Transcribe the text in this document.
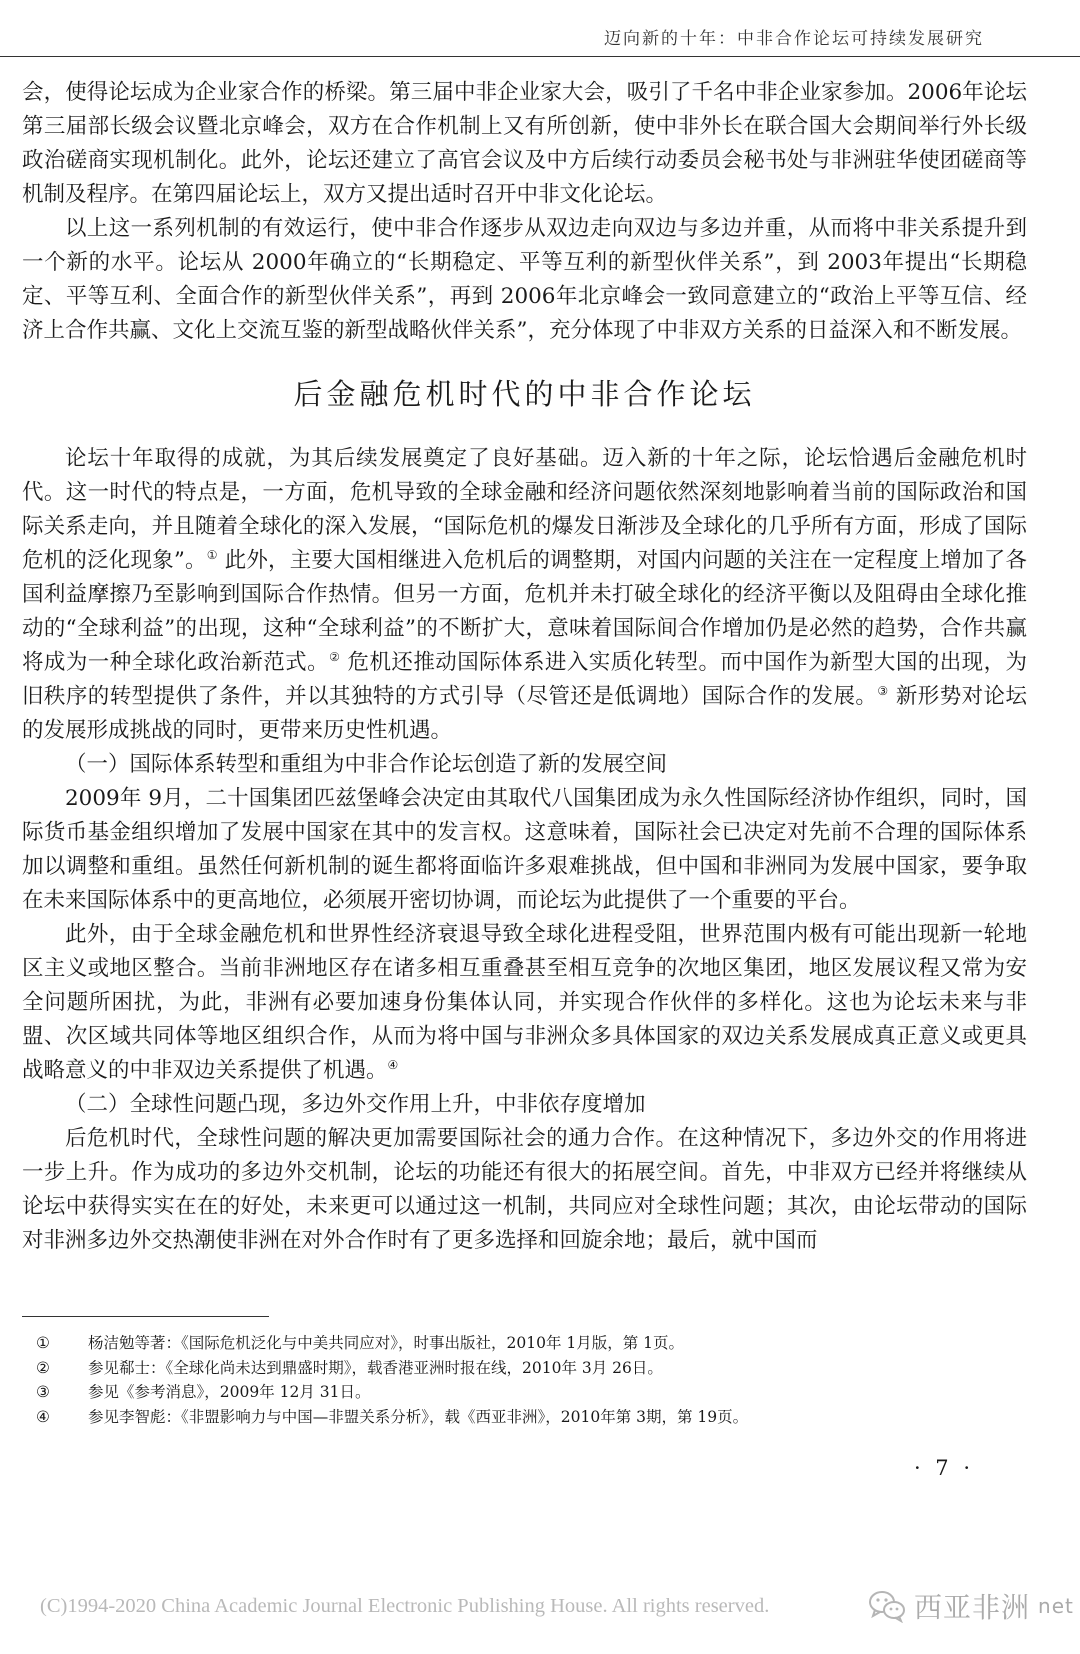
迈向新的十年：中非合作论坛可持续发展研究

会，使得论坛成为企业家合作的桥梁。第三届中非企业家大会，吸引了千名中非企业家参加。2006年论坛第三届部长级会议暨北京峰会，双方在合作机制上又有所创新，使中非外长在联合国大会期间举行外长级政治磋商实现机制化。此外，论坛还建立了高官会议及中方后续行动委员会秘书处与非洲驻华使团磋商等机制及程序。在第四届论坛上，双方又提出适时召开中非文化论坛。

以上这一系列机制的有效运行，使中非合作逐步从双边走向双边与多边并重，从而将中非关系提升到一个新的水平。论坛从 2000年确立的“长期稳定、平等互利的新型伙伴关系”，到 2003年提出“长期稳定、平等互利、全面合作的新型伙伴关系”，再到 2006年北京峰会一致同意建立的“政治上平等互信、经济上合作共赢、文化上交流互鉴的新型战略伙伴关系”，充分体现了中非双方关系的日益深入和不断发展。

后金融危机时代的中非合作论坛

论坛十年取得的成就，为其后续发展奠定了良好基础。迈入新的十年之际，论坛恰遇后金融危机时代。这一时代的特点是，一方面，危机导致的全球金融和经济问题依然深刻地影响着当前的国际政治和国际关系走向，并且随着全球化的深入发展，“国际危机的爆发日渐涉及全球化的几乎所有方面，形成了国际危机的泛化现象”。① 此外，主要大国相继进入危机后的调整期，对国内问题的关注在一定程度上增加了各国利益摩擦乃至影响到国际合作热情。但另一方面，危机并未打破全球化的经济平衡以及阻碍由全球化推动的“全球利益”的出现，这种“全球利益”的不断扩大，意味着国际间合作增加仍是必然的趋势，合作共赢将成为一种全球化政治新范式。② 危机还推动国际体系进入实质化转型。而中国作为新型大国的出现，为旧秩序的转型提供了条件，并以其独特的方式引导（尽管还是低调地）国际合作的发展。③ 新形势对论坛的发展形成挑战的同时，更带来历史性机遇。

（一）国际体系转型和重组为中非合作论坛创造了新的发展空间

2009年 9月，二十国集团匹兹堡峰会决定由其取代八国集团成为永久性国际经济协作组织，同时，国际货币基金组织增加了发展中国家在其中的发言权。这意味着，国际社会已决定对先前不合理的国际体系加以调整和重组。虽然任何新机制的诞生都将面临许多艰难挑战，但中国和非洲同为发展中国家，要争取在未来国际体系中的更高地位，必须展开密切协调，而论坛为此提供了一个重要的平台。

此外，由于全球金融危机和世界性经济衰退导致全球化进程受阻，世界范围内极有可能出现新一轮地区主义或地区整合。当前非洲地区存在诸多相互重叠甚至相互竞争的次地区集团，地区发展议程又常为安全问题所困扰，为此，非洲有必要加速身份集体认同，并实现合作伙伴的多样化。这也为论坛未来与非盟、次区域共同体等地区组织合作，从而为将中国与非洲众多具体国家的双边关系发展成真正意义或更具战略意义的中非双边关系提供了机遇。④

（二）全球性问题凸现，多边外交作用上升，中非依存度增加

后危机时代，全球性问题的解决更加需要国际社会的通力合作。在这种情况下，多边外交的作用将进一步上升。作为成功的多边外交机制，论坛的功能还有很大的拓展空间。首先，中非双方已经并将继续从论坛中获得实实在在的好处，未来更可以通过这一机制，共同应对全球性问题；其次，由论坛带动的国际对非洲多边外交热潮使非洲在对外合作时有了更多选择和回旋余地；最后，就中国而

① 杨洁勉等著：《国际危机泛化与中美共同应对》，时事出版社，2010年 1月版，第 1页。
② 参见郗士：《全球化尚未达到鼎盛时期》，载香港亚洲时报在线，2010年 3月 26日。
③ 参见《参考消息》，2009年 12月 31日。
④ 参见李智彪：《非盟影响力与中国—非盟关系分析》，载《西亚非洲》，2010年第 3期，第 19页。
· 7 ·
(C)1994-2020 China Academic Journal Electronic Publishing House. All rights reserved.	西亚非洲 net
